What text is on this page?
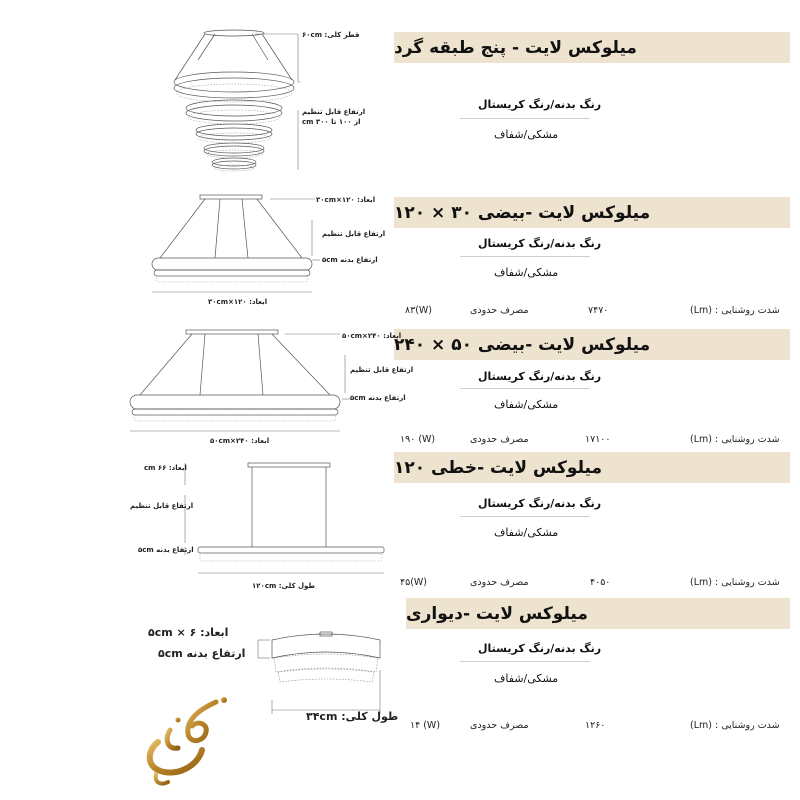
میلوکس لایت - پنج طبقه گرد
رنگ بدنه/رنگ کریستال
مشکی/شفاف
قطر کلی: ۶۰cm
ارتفاع قابل تنظیم
از ۱۰۰ تا ۳۰۰ cm
میلوکس لایت -بیضی ۳۰ × ۱۲۰
رنگ بدنه/رنگ کریستال
مشکی/شفاف
شدت روشنایی : (Lm)
۷۴۷۰
مصرف حدودی
۸۳(W)
ابعاد: ۱۲۰×۳۰cm
ارتفاع قابل تنظیم
ارتفاع بدنه ۵cm
ابعاد: ۱۲۰×۳۰cm
میلوکس لایت -بیضی ۵۰ × ۲۴۰
رنگ بدنه/رنگ کریستال
مشکی/شفاف
شدت روشنایی : (Lm)
۱۷۱۰۰
مصرف حدودی
۱۹۰ (W)
ابعاد: ۲۴۰×۵۰cm
ارتفاع قابل تنظیم
ارتفاع بدنه ۵cm
ابعاد: ۲۴۰×۵۰cm
میلوکس لایت -خطی ۱۲۰
رنگ بدنه/رنگ کریستال
مشکی/شفاف
شدت روشنایی : (Lm)
۴۰۵۰
مصرف حدودی
۴۵(W)
ابعاد: ۶۶ cm
ارتفاع قابل تنظیم
ارتفاع بدنه ۵cm
طول کلی: ۱۲۰cm
میلوکس لایت -دیواری
رنگ بدنه/رنگ کریستال
مشکی/شفاف
شدت روشنایی : (Lm)
۱۲۶۰
مصرف حدودی
۱۴ (W)
ابعاد: ۶ × ۵cm
ارتفاع بدنه ۵cm
طول کلی: ۳۴cm
